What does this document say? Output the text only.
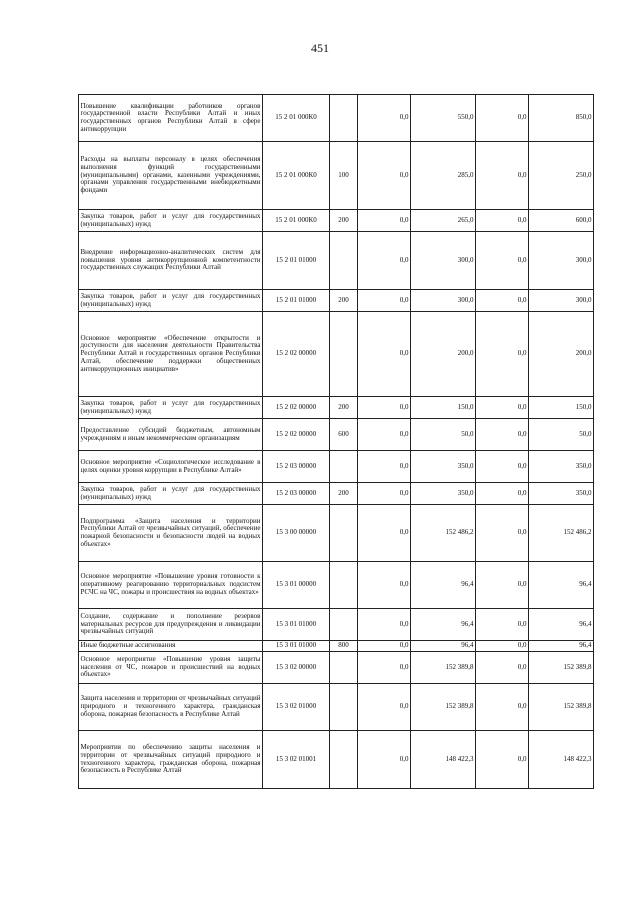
451
Повышение квалификации работников органов государственной власти Республики Алтай и иных государственных органов Республики Алтай в сфере антикоррупции	15 2 01 000К0		0,0	550,0	0,0	850,0
Расходы на выплаты персоналу в целях обеспечения выполнения функций государственными (муниципальными) органами, казенными учреждениями, органами управления государственными внебюджетными фондами	15 2 01 000К0	100	0,0	285,0	0,0	250,0
Закупка товаров, работ и услуг для государственных (муниципальных) нужд	15 2 01 000К0	200	0,0	265,0	0,0	600,0
Внедрение информационно-аналитических систем для повышения уровня антикоррупционной компетентности государственных служащих Республики Алтай	15 2 01 01000		0,0	300,0	0,0	300,0
Закупка товаров, работ и услуг для государственных (муниципальных) нужд	15 2 01 01000	200	0,0	300,0	0,0	300,0
Основное мероприятие «Обеспечение открытости и доступности для населения деятельности Правительства Республики Алтай и государственных органов Республики Алтай, обеспечение поддержки общественных антикоррупционных инициатив»	15 2 02 00000		0,0	200,0	0,0	200,0
Закупка товаров, работ и услуг для государственных (муниципальных) нужд	15 2 02 00000	200	0,0	150,0	0,0	150,0
Предоставление субсидий бюджетным, автономным учреждениям и иным некоммерческим организациям	15 2 02 00000	600	0,0	50,0	0,0	50,0
Основное мероприятие «Социологическое исследование в целях оценки уровня коррупции в Республике Алтай»	15 2 03 00000		0,0	350,0	0,0	350,0
Закупка товаров, работ и услуг для государственных (муниципальных) нужд	15 2 03 00000	200	0,0	350,0	0,0	350,0
Подпрограмма «Защита населения и территории Республики Алтай от чрезвычайных ситуаций, обеспечение пожарной безопасности и безопасности людей на водных объектах»	15 3 00 00000		0,0	152 486,2	0,0	152 486,2
Основное мероприятие «Повышение уровня готовности к оперативному реагированию территориальных подсистем РСЧС на ЧС, пожары и происшествия на водных объектах»	15 3 01 00000		0,0	96,4	0,0	96,4
Создание, содержание и пополнение резервов материальных ресурсов для предупреждения и ликвидации чрезвычайных ситуаций	15 3 01 01000		0,0	96,4	0,0	96,4
Иные бюджетные ассигнования	15 3 01 01000	800	0,0	96,4	0,0	96,4
Основное мероприятие «Повышение уровня защиты населения от ЧС, пожаров и происшествий на водных объектах»	15 3 02 00000		0,0	152 389,8	0,0	152 389,8
Защита населения и территории от чрезвычайных ситуаций природного и техногенного характера, гражданская оборона, пожарная безопасность в Республике Алтай	15 3 02 01000		0,0	152 389,8	0,0	152 389,8
Мероприятия по обеспечению защиты населения и территории от чрезвычайных ситуаций природного и техногенного характера, гражданская оборона, пожарная безопасность в Республике Алтай	15 3 02 01001		0,0	148 422,3	0,0	148 422,3
